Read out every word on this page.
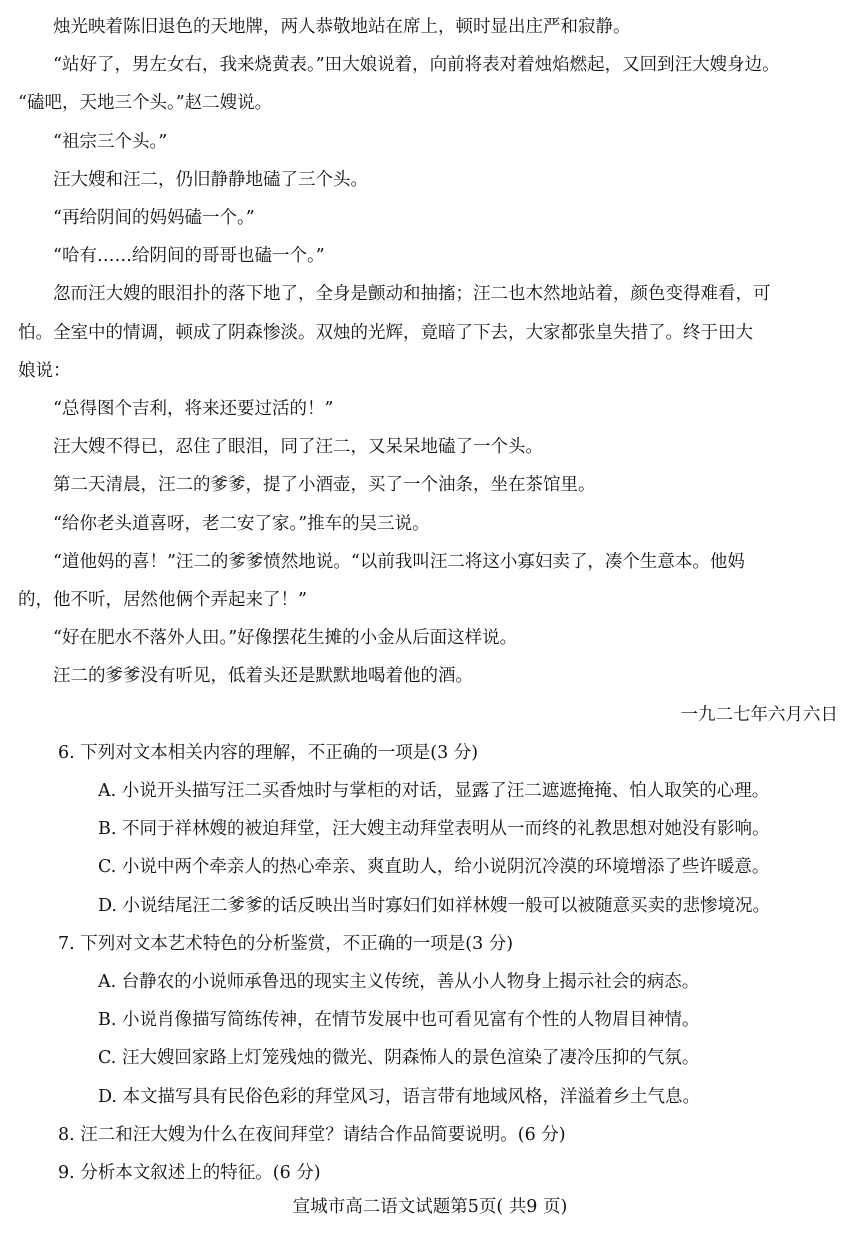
烛光映着陈旧退色的天地牌，两人恭敬地站在席上，顿时显出庄严和寂静。
“站好了，男左女右，我来烧黄表。”田大娘说着，向前将表对着烛焰燃起，又回到汪大嫂身边。
“磕吧，天地三个头。”赵二嫂说。
“祖宗三个头。”
汪大嫂和汪二，仍旧静静地磕了三个头。
“再给阴间的妈妈磕一个。”
“哈有……给阴间的哥哥也磕一个。”
忽而汪大嫂的眼泪扑的落下地了，全身是颤动和抽搐；汪二也木然地站着，颜色变得难看，可
怕。全室中的情调，顿成了阴森惨淡。双烛的光辉，竟暗了下去，大家都张皇失措了。终于田大
娘说：
“总得图个吉利，将来还要过活的！”
汪大嫂不得已，忍住了眼泪，同了汪二，又呆呆地磕了一个头。
第二天清晨，汪二的爹爹，提了小酒壶，买了一个油条，坐在茶馆里。
“给你老头道喜呀，老二安了家。”推车的吴三说。
“道他妈的喜！”汪二的爹爹愤然地说。“以前我叫汪二将这小寡妇卖了，凑个生意本。他妈
的，他不听，居然他俩个弄起来了！”
“好在肥水不落外人田。”好像摆花生摊的小金从后面这样说。
汪二的爹爹没有听见，低着头还是默默地喝着他的酒。
一九二七年六月六日
6. 下列对文本相关内容的理解，不正确的一项是(3 分)
A. 小说开头描写汪二买香烛时与掌柜的对话，显露了汪二遮遮掩掩、怕人取笑的心理。
B. 不同于祥林嫂的被迫拜堂，汪大嫂主动拜堂表明从一而终的礼教思想对她没有影响。
C. 小说中两个牵亲人的热心牵亲、爽直助人，给小说阴沉冷漠的环境增添了些许暖意。
D. 小说结尾汪二爹爹的话反映出当时寡妇们如祥林嫂一般可以被随意买卖的悲惨境况。
7. 下列对文本艺术特色的分析鉴赏，不正确的一项是(3 分)
A. 台静农的小说师承鲁迅的现实主义传统，善从小人物身上揭示社会的病态。
B. 小说肖像描写简练传神，在情节发展中也可看见富有个性的人物眉目神情。
C. 汪大嫂回家路上灯笼残烛的微光、阴森怖人的景色渲染了凄冷压抑的气氛。
D. 本文描写具有民俗色彩的拜堂风习，语言带有地域风格，洋溢着乡土气息。
8. 汪二和汪大嫂为什么在夜间拜堂？请结合作品简要说明。(6 分)
9. 分析本文叙述上的特征。(6 分)
宣城市高二语文试题第5页( 共9 页)
